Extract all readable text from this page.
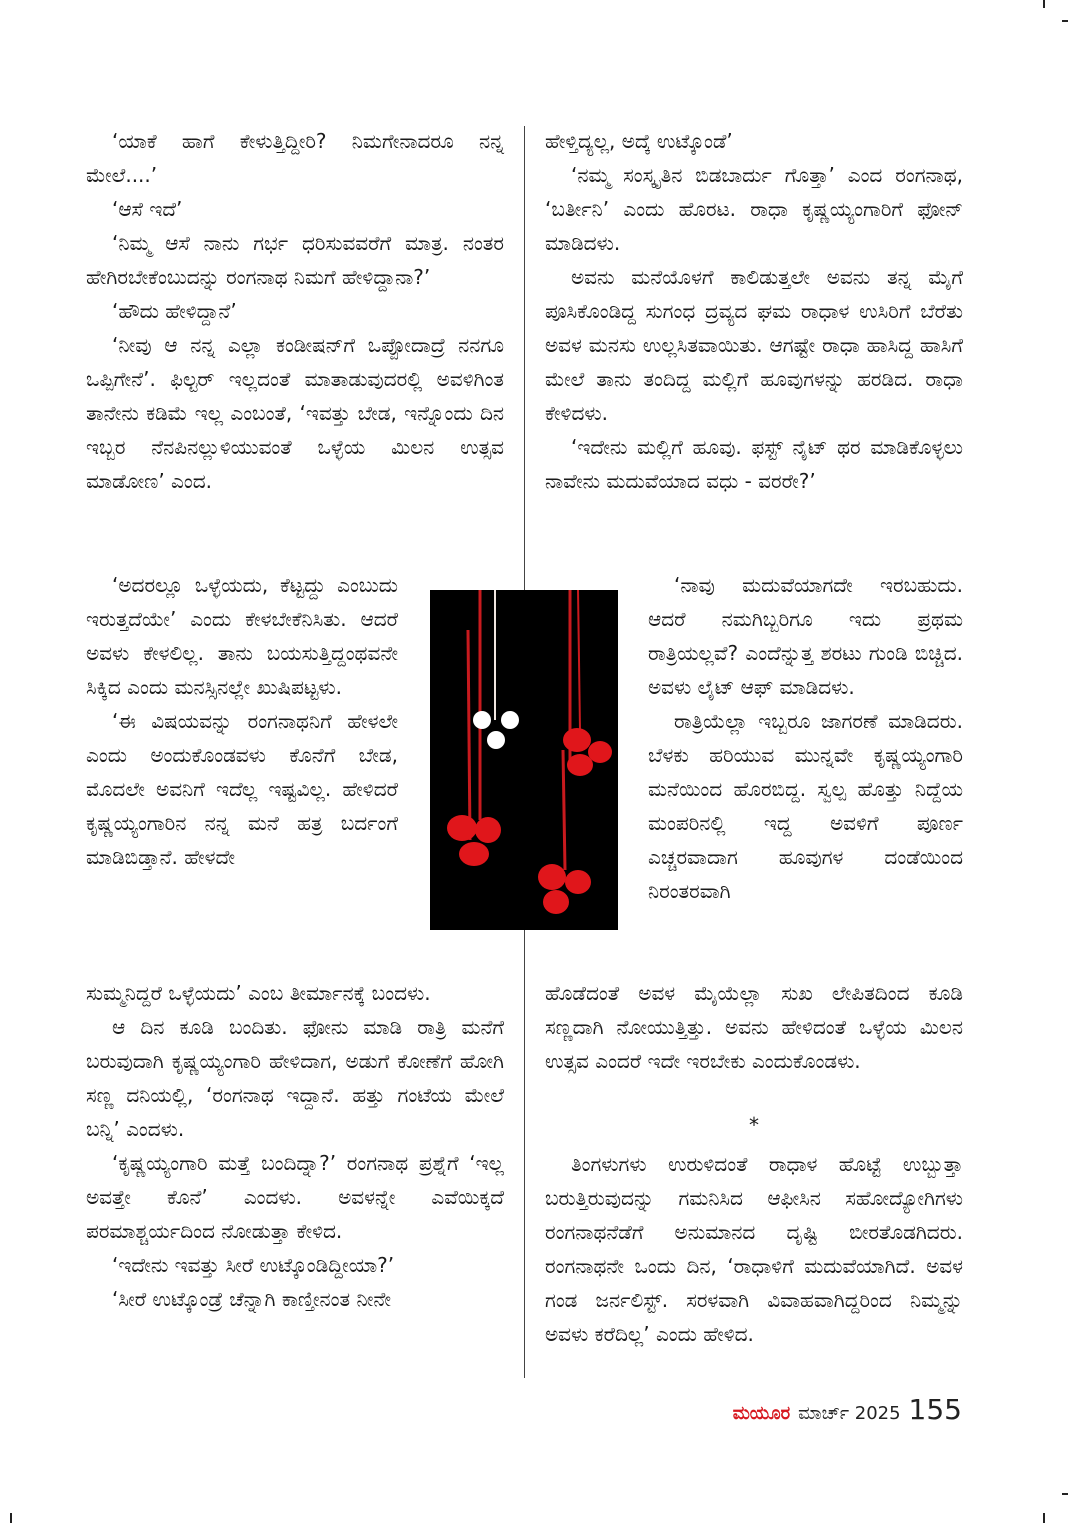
‘ಯಾಕೆ ಹಾಗೆ ಕೇಳುತ್ತಿದ್ದೀರಿ? ನಿಮಗೇನಾದರೂ ನನ್ನ ಮೇಲೆ....’

‘ಆಸೆ ಇದೆ’

‘ನಿಮ್ಮ ಆಸೆ ನಾನು ಗರ್ಭ ಧರಿಸುವವರೆಗೆ ಮಾತ್ರ. ನಂತರ ಹೇಗಿರಬೇಕೆಂಬುದನ್ನು ರಂಗನಾಥ ನಿಮಗೆ ಹೇಳಿದ್ದಾನಾ?’

‘ಹೌದು ಹೇಳಿದ್ದಾನೆ’

‘ನೀವು ಆ ನನ್ನ ಎಲ್ಲಾ ಕಂಡೀಷನ್‌ಗೆ ಒಪ್ಪೋದಾದ್ರೆ ನನಗೂ ಒಪ್ಪಿಗೇನೆ’. ಫಿಲ್ಟರ್ ಇಲ್ಲದಂತೆ ಮಾತಾಡುವುದರಲ್ಲಿ ಅವಳಿಗಿಂತ ತಾನೇನು ಕಡಿಮೆ ಇಲ್ಲ ಎಂಬಂತೆ, ‘ಇವತ್ತು ಬೇಡ, ಇನ್ನೊಂದು ದಿನ ಇಬ್ಬರ ನೆನಪಿನಲ್ಲುಳಿಯುವಂತೆ ಒಳ್ಳೆಯ ಮಿಲನ ಉತ್ಸವ ಮಾಡೋಣ’ ಎಂದ.

‘ಅದರಲ್ಲೂ ಒಳ್ಳೆಯದು, ಕೆಟ್ಟದ್ದು ಎಂಬುದು ಇರುತ್ತದೆಯೇ’ ಎಂದು ಕೇಳಬೇಕೆನಿಸಿತು. ಆದರೆ ಅವಳು ಕೇಳಲಿಲ್ಲ. ತಾನು ಬಯಸುತ್ತಿದ್ದಂಥವನೇ ಸಿಕ್ಕಿದ ಎಂದು ಮನಸ್ಸಿನಲ್ಲೇ ಖುಷಿಪಟ್ಟಳು.

‘ಈ ವಿಷಯವನ್ನು ರಂಗನಾಥನಿಗೆ ಹೇಳಲೇ ಎಂದು ಅಂದುಕೊಂಡವಳು ಕೊನೆಗೆ ಬೇಡ, ಮೊದಲೇ ಅವನಿಗೆ ಇದೆಲ್ಲ ಇಷ್ಟವಿಲ್ಲ. ಹೇಳಿದರೆ ಕೃಷ್ಣಯ್ಯಂಗಾರಿನ ನನ್ನ ಮನೆ ಹತ್ರ ಬರ್ದಂಗೆ ಮಾಡಿಬಿಡ್ತಾನೆ. ಹೇಳದೇ

ಸುಮ್ಮನಿದ್ದರೆ ಒಳ್ಳೆಯದು’ ಎಂಬ ತೀರ್ಮಾನಕ್ಕೆ ಬಂದಳು.

ಆ ದಿನ ಕೂಡಿ ಬಂದಿತು. ಫೋನು ಮಾಡಿ ರಾತ್ರಿ ಮನೆಗೆ ಬರುವುದಾಗಿ ಕೃಷ್ಣಯ್ಯಂಗಾರಿ ಹೇಳಿದಾಗ, ಅಡುಗೆ ಕೋಣೆಗೆ ಹೋಗಿ ಸಣ್ಣ ದನಿಯಲ್ಲಿ, ‘ರಂಗನಾಥ ಇದ್ದಾನೆ. ಹತ್ತು ಗಂಟೆಯ ಮೇಲೆ ಬನ್ನಿ’ ಎಂದಳು.

‘ಕೃಷ್ಣಯ್ಯಂಗಾರಿ ಮತ್ತೆ ಬಂದಿದ್ನಾ?’ ರಂಗನಾಥ ಪ್ರಶ್ನೆಗೆ ‘ಇಲ್ಲ ಅವತ್ತೇ ಕೊನೆ’ ಎಂದಳು. ಅವಳನ್ನೇ ಎವೆಯಿಕ್ಕದೆ ಪರಮಾಶ್ಚರ್ಯದಿಂದ ನೋಡುತ್ತಾ ಕೇಳಿದ.

‘ಇದೇನು ಇವತ್ತು ಸೀರೆ ಉಟ್ಕೊಂಡಿದ್ದೀಯಾ?’

‘ಸೀರೆ ಉಟ್ಕೊಂಡ್ರೆ ಚೆನ್ನಾಗಿ ಕಾಣ್ತೀನಂತ ನೀನೇ

ಹೇಳ್ತಿದ್ಯಲ್ಲ, ಅದ್ಕೆ ಉಟ್ಕೊಂಡೆ’

‘ನಮ್ಮ ಸಂಸ್ಕೃತಿನ ಬಿಡಬಾರ್ದು ಗೊತ್ತಾ’ ಎಂದ ರಂಗನಾಥ, ‘ಬರ್ತೀನಿ’ ಎಂದು ಹೊರಟ. ರಾಧಾ ಕೃಷ್ಣಯ್ಯಂಗಾರಿಗೆ ಫೋನ್ ಮಾಡಿದಳು.

ಅವನು ಮನೆಯೊಳಗೆ ಕಾಲಿಡುತ್ತಲೇ ಅವನು ತನ್ನ ಮೈಗೆ ಪೂಸಿಕೊಂಡಿದ್ದ ಸುಗಂಧ ದ್ರವ್ಯದ ಘಮ ರಾಧಾಳ ಉಸಿರಿಗೆ ಬೆರೆತು ಅವಳ ಮನಸು ಉಲ್ಲಸಿತವಾಯಿತು. ಆಗಷ್ಟೇ ರಾಧಾ ಹಾಸಿದ್ದ ಹಾಸಿಗೆ ಮೇಲೆ ತಾನು ತಂದಿದ್ದ ಮಲ್ಲಿಗೆ ಹೂವುಗಳನ್ನು ಹರಡಿದ. ರಾಧಾ ಕೇಳಿದಳು.

‘ಇದೇನು ಮಲ್ಲಿಗೆ ಹೂವು. ಫಸ್ಟ್ ನೈಟ್ ಥರ ಮಾಡಿಕೊಳ್ಳಲು ನಾವೇನು ಮದುವೆಯಾದ ವಧು - ವರರೇ?’

‘ನಾವು ಮದುವೆಯಾಗದೇ ಇರಬಹುದು. ಆದರೆ ನಮಗಿಬ್ಬರಿಗೂ ಇದು ಪ್ರಥಮ ರಾತ್ರಿಯಲ್ಲವೆ? ಎಂದೆನ್ನುತ್ತ ಶರಟು ಗುಂಡಿ ಬಿಚ್ಚಿದ. ಅವಳು ಲೈಟ್ ಆಫ್ ಮಾಡಿದಳು.

ರಾತ್ರಿಯೆಲ್ಲಾ ಇಬ್ಬರೂ ಜಾಗರಣೆ ಮಾಡಿದರು. ಬೆಳಕು ಹರಿಯುವ ಮುನ್ನವೇ ಕೃಷ್ಣಯ್ಯಂಗಾರಿ ಮನೆಯಿಂದ ಹೊರಬಿದ್ದ. ಸ್ವಲ್ಪ ಹೊತ್ತು ನಿದ್ದೆಯ ಮಂಪರಿನಲ್ಲಿ ಇದ್ದ ಅವಳಿಗೆ ಪೂರ್ಣ ಎಚ್ಚರವಾದಾಗ ಹೂವುಗಳ ದಂಡೆಯಿಂದ ನಿರಂತರವಾಗಿ

ಹೊಡೆದಂತೆ ಅವಳ ಮೈಯೆಲ್ಲಾ ಸುಖ ಲೇಪಿತದಿಂದ ಕೂಡಿ ಸಣ್ಣದಾಗಿ ನೋಯುತ್ತಿತ್ತು. ಅವನು ಹೇಳಿದಂತೆ ಒಳ್ಳೆಯ ಮಿಲನ ಉತ್ಸವ ಎಂದರೆ ಇದೇ ಇರಬೇಕು ಎಂದುಕೊಂಡಳು.

*

ತಿಂಗಳುಗಳು ಉರುಳಿದಂತೆ ರಾಧಾಳ ಹೊಟ್ಟೆ ಉಬ್ಬುತ್ತಾ ಬರುತ್ತಿರುವುದನ್ನು ಗಮನಿಸಿದ ಆಫೀಸಿನ ಸಹೋದ್ಯೋಗಿಗಳು ರಂಗನಾಥನೆಡೆಗೆ ಅನುಮಾನದ ದೃಷ್ಟಿ ಬೀರತೊಡಗಿದರು. ರಂಗನಾಥನೇ ಒಂದು ದಿನ, ‘ರಾಧಾಳಿಗೆ ಮದುವೆಯಾಗಿದೆ. ಅವಳ ಗಂಡ ಜರ್ನಲಿಸ್ಟ್. ಸರಳವಾಗಿ ವಿವಾಹವಾಗಿದ್ದರಿಂದ ನಿಮ್ಮನ್ನು ಅವಳು ಕರೆದಿಲ್ಲ’ ಎಂದು ಹೇಳಿದ.

ಮಯೂರ ಮಾರ್ಚ್ 2025 155
